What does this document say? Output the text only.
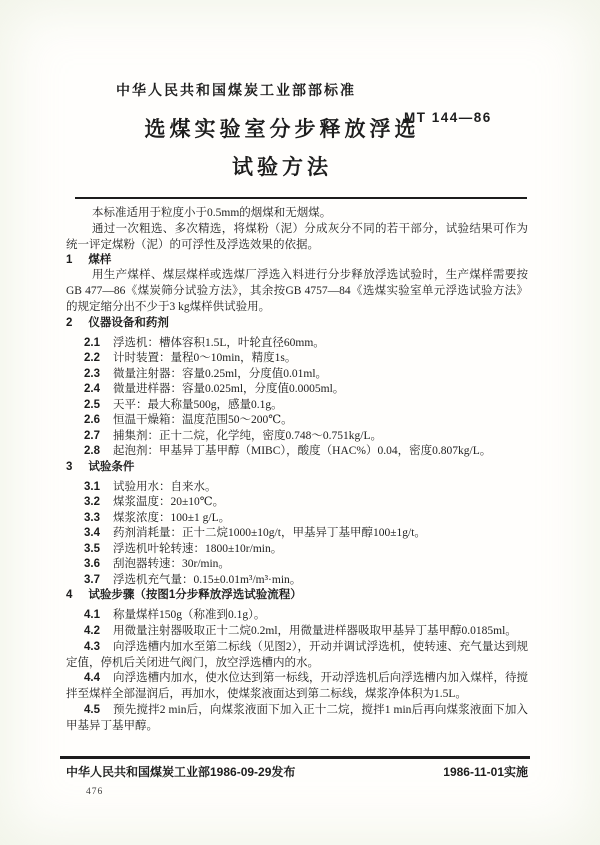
中华人民共和国煤炭工业部部标准
MT 144—86
选煤实验室分步释放浮选
试验方法

本标准适用于粒度小于0.5mm的烟煤和无烟煤。

通过一次粗选、多次精选，将煤粉（泥）分成灰分不同的若干部分，试验结果可作为统一评定煤粉（泥）的可浮性及浮选效果的依据。

1 煤样

用生产煤样、煤层煤样或选煤厂浮选入料进行分步释放浮选试验时，生产煤样需要按GB 477—86《煤炭筛分试验方法》，其余按GB 4757—84《选煤实验室单元浮选试验方法》的规定缩分出不少于3 kg煤样供试验用。

2 仪器设备和药剂

2.1 浮选机：槽体容积1.5L，叶轮直径60mm。

2.2 计时装置：量程0～10min，精度1s。

2.3 微量注射器：容量0.25ml，分度值0.01ml。

2.4 微量进样器：容量0.025ml，分度值0.0005ml。

2.5 天平：最大称量500g，感量0.1g。

2.6 恒温干燥箱：温度范围50～200℃。

2.7 捕集剂：正十二烷，化学纯，密度0.748～0.751kg/L。

2.8 起泡剂：甲基异丁基甲醇（MIBC），酸度（HAC%）0.04，密度0.807kg/L。

3 试验条件

3.1 试验用水：自来水。

3.2 煤浆温度：20±10℃。

3.3 煤浆浓度：100±1 g/L。

3.4 药剂消耗量：正十二烷1000±10g/t，甲基异丁基甲醇100±1g/t。

3.5 浮选机叶轮转速：1800±10r/min。

3.6 刮泡器转速：30r/min。

3.7 浮选机充气量：0.15±0.01m³/m³·min。

4 试验步骤（按图1分步释放浮选试验流程）

4.1 称量煤样150g（称准到0.1g）。

4.2 用微量注射器吸取正十二烷0.2ml，用微量进样器吸取甲基异丁基甲醇0.0185ml。

4.3 向浮选槽内加水至第二标线（见图2），开动并调试浮选机，使转速、充气量达到规定值，停机后关闭进气阀门，放空浮选槽内的水。

4.4 向浮选槽内加水，使水位达到第一标线，开动浮选机后向浮选槽内加入煤样，待搅拌至煤样全部湿润后，再加水，使煤浆液面达到第二标线，煤浆净体积为1.5L。

4.5 预先搅拌2 min后，向煤浆液面下加入正十二烷，搅拌1 min后再向煤浆液面下加入甲基异丁基甲醇。

中华人民共和国煤炭工业部1986-09-29发布	1986-11-01实施
476
